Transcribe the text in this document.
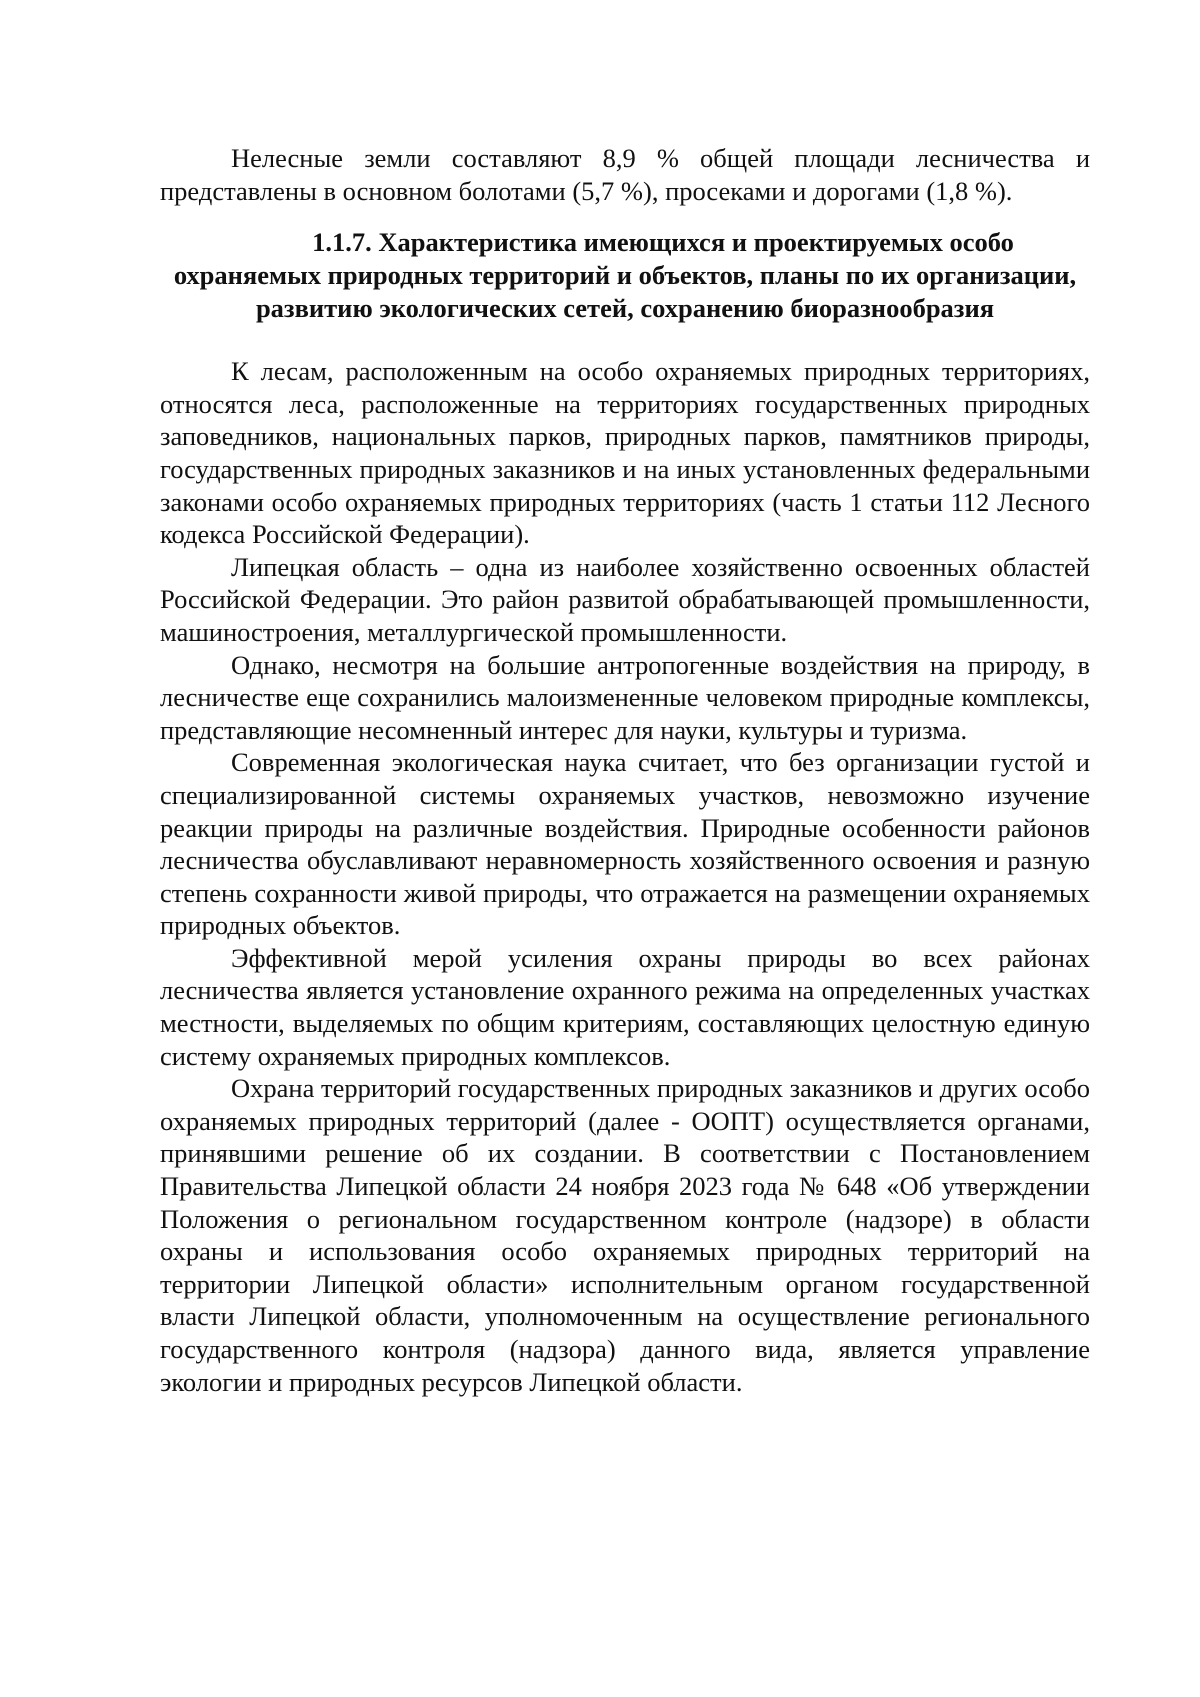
Нелесные земли составляют 8,9 % общей площади лесничества и представлены в основном болотами (5,7 %), просеками и дорогами (1,8 %).

1.1.7. Характеристика имеющихся и проектируемых особо
охраняемых природных территорий и объектов, планы по их организации,
развитию экологических сетей, сохранению биоразнообразия

К лесам, расположенным на особо охраняемых природных территориях, относятся леса, расположенные на территориях государственных природных заповедников, национальных парков, природных парков, памятников природы, государственных природных заказников и на иных установленных федеральными законами особо охраняемых природных территориях (часть 1 статьи 112 Лесного кодекса Российской Федерации).

Липецкая область – одна из наиболее хозяйственно освоенных областей Российской Федерации. Это район развитой обрабатывающей промышленности, машиностроения, металлургической промышленности.

Однако, несмотря на большие антропогенные воздействия на природу, в лесничестве еще сохранились малоизмененные человеком природные комплексы, представляющие несомненный интерес для науки, культуры и туризма.

Современная экологическая наука считает, что без организации густой и специализированной системы охраняемых участков, невозможно изучение реакции природы на различные воздействия. Природные особенности районов лесничества обуславливают неравномерность хозяйственного освоения и разную степень сохранности живой природы, что отражается на размещении охраняемых природных объектов.

Эффективной мерой усиления охраны природы во всех районах лесничества является установление охранного режима на определенных участках местности, выделяемых по общим критериям, составляющих целостную единую систему охраняемых природных комплексов.

Охрана территорий государственных природных заказников и других особо охраняемых природных территорий (далее - ООПТ) осуществляется органами, принявшими решение об их создании. В соответствии с Постановлением Правительства Липецкой области 24 ноября 2023 года № 648 «Об утверждении Положения о региональном государственном контроле (надзоре) в области охраны и использования особо охраняемых природных территорий на территории Липецкой области» исполнительным органом государственной власти Липецкой области, уполномоченным на осуществление регионального государственного контроля (надзора) данного вида, является управление экологии и природных ресурсов Липецкой области.
